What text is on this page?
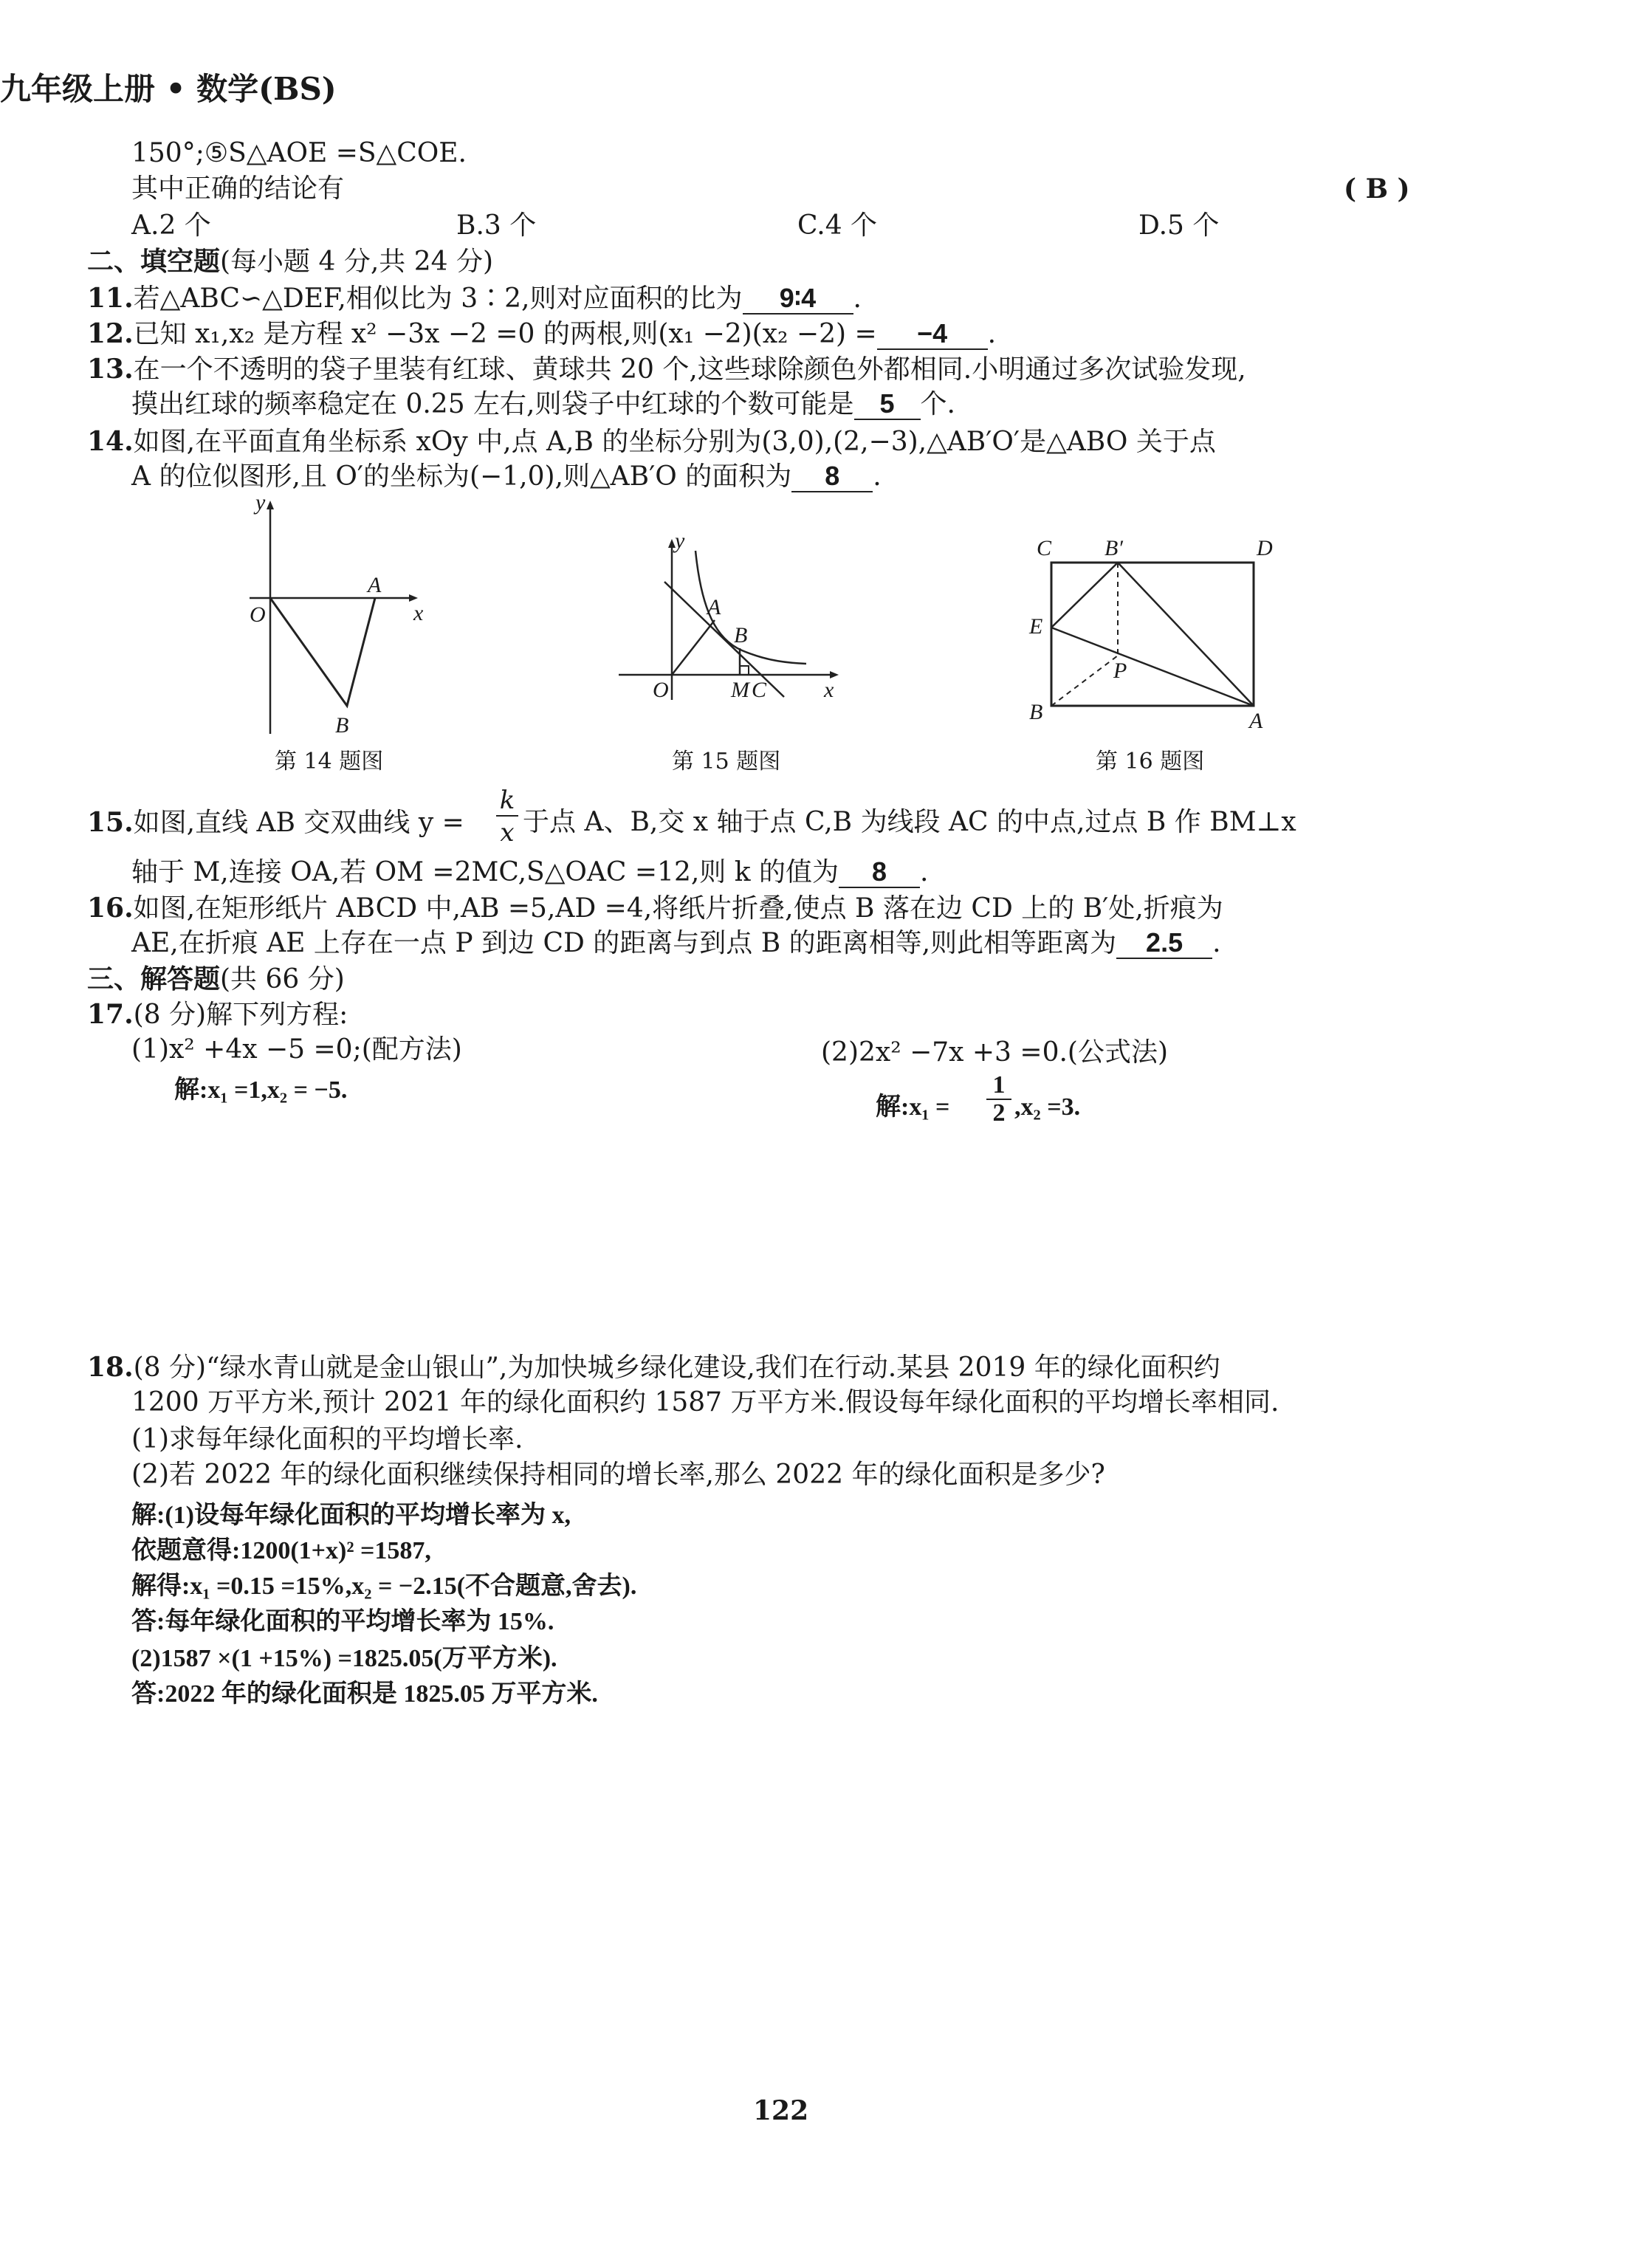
九年级上册 • 数学(BS)
150°;⑤S△AOE =S△COE.
其中正确的结论有	( B )
A.2 个	B.3 个	C.4 个	D.5 个
二、填空题(每小题 4 分,共 24 分)
11.若△ABC∽△DEF,相似比为 3∶2,则对应面积的比为 9∶4 .
12.已知 x₁,x₂ 是方程 x² −3x −2 =0 的两根,则(x₁ −2)(x₂ −2) = −4 .
13.在一个不透明的袋子里装有红球、黄球共 20 个,这些球除颜色外都相同.小明通过多次试验发现,
摸出红球的频率稳定在 0.25 左右,则袋子中红球的个数可能是 5 个.
14.如图,在平面直角坐标系 xOy 中,点 A,B 的坐标分别为(3,0),(2,−3),△AB′O′是△ABO 关于点
A 的位似图形,且 O′的坐标为(−1,0),则△AB′O 的面积为 8 .
y
O
A
x
B
第 14 题图
y
A
B
O	M C	x
第 15 题图
C B′	D
E
P
B	A
第 16 题图
15.如图,直线 AB 交双曲线 y =
k
x 于点 A、B,交 x 轴于点 C,B 为线段 AC 的中点,过点 B 作 BM⊥x
轴于 M,连接 OA,若 OM =2MC,S△OAC =12,则 k 的值为 8 .
16.如图,在矩形纸片 ABCD 中,AB =5,AD =4,将纸片折叠,使点 B 落在边 CD 上的 B′处,折痕为
AE,在折痕 AE 上存在一点 P 到边 CD 的距离与到点 B 的距离相等,则此相等距离为 2.5 .
三、解答题(共 66 分)
17.(8 分)解下列方程:
(1)x² +4x −5 =0;(配方法)	(2)2x² −7x +3 =0.(公式法)
解:x₁ =1,x₂ = −5.
解:x₁ =
1
2 ,x₂ =3.
18.(8 分)“绿水青山就是金山银山”,为加快城乡绿化建设,我们在行动.某县 2019 年的绿化面积约
1200 万平方米,预计 2021 年的绿化面积约 1587 万平方米.假设每年绿化面积的平均增长率相同.
(1)求每年绿化面积的平均增长率.
(2)若 2022 年的绿化面积继续保持相同的增长率,那么 2022 年的绿化面积是多少?
解:(1)设每年绿化面积的平均增长率为 x,
依题意得:1200(1+x)² =1587,
解得:x₁ =0.15 =15%,x₂ = −2.15(不合题意,舍去).
答:每年绿化面积的平均增长率为 15%.
(2)1587 ×(1 +15%) =1825.05(万平方米).
答:2022 年的绿化面积是 1825.05 万平方米.
122
